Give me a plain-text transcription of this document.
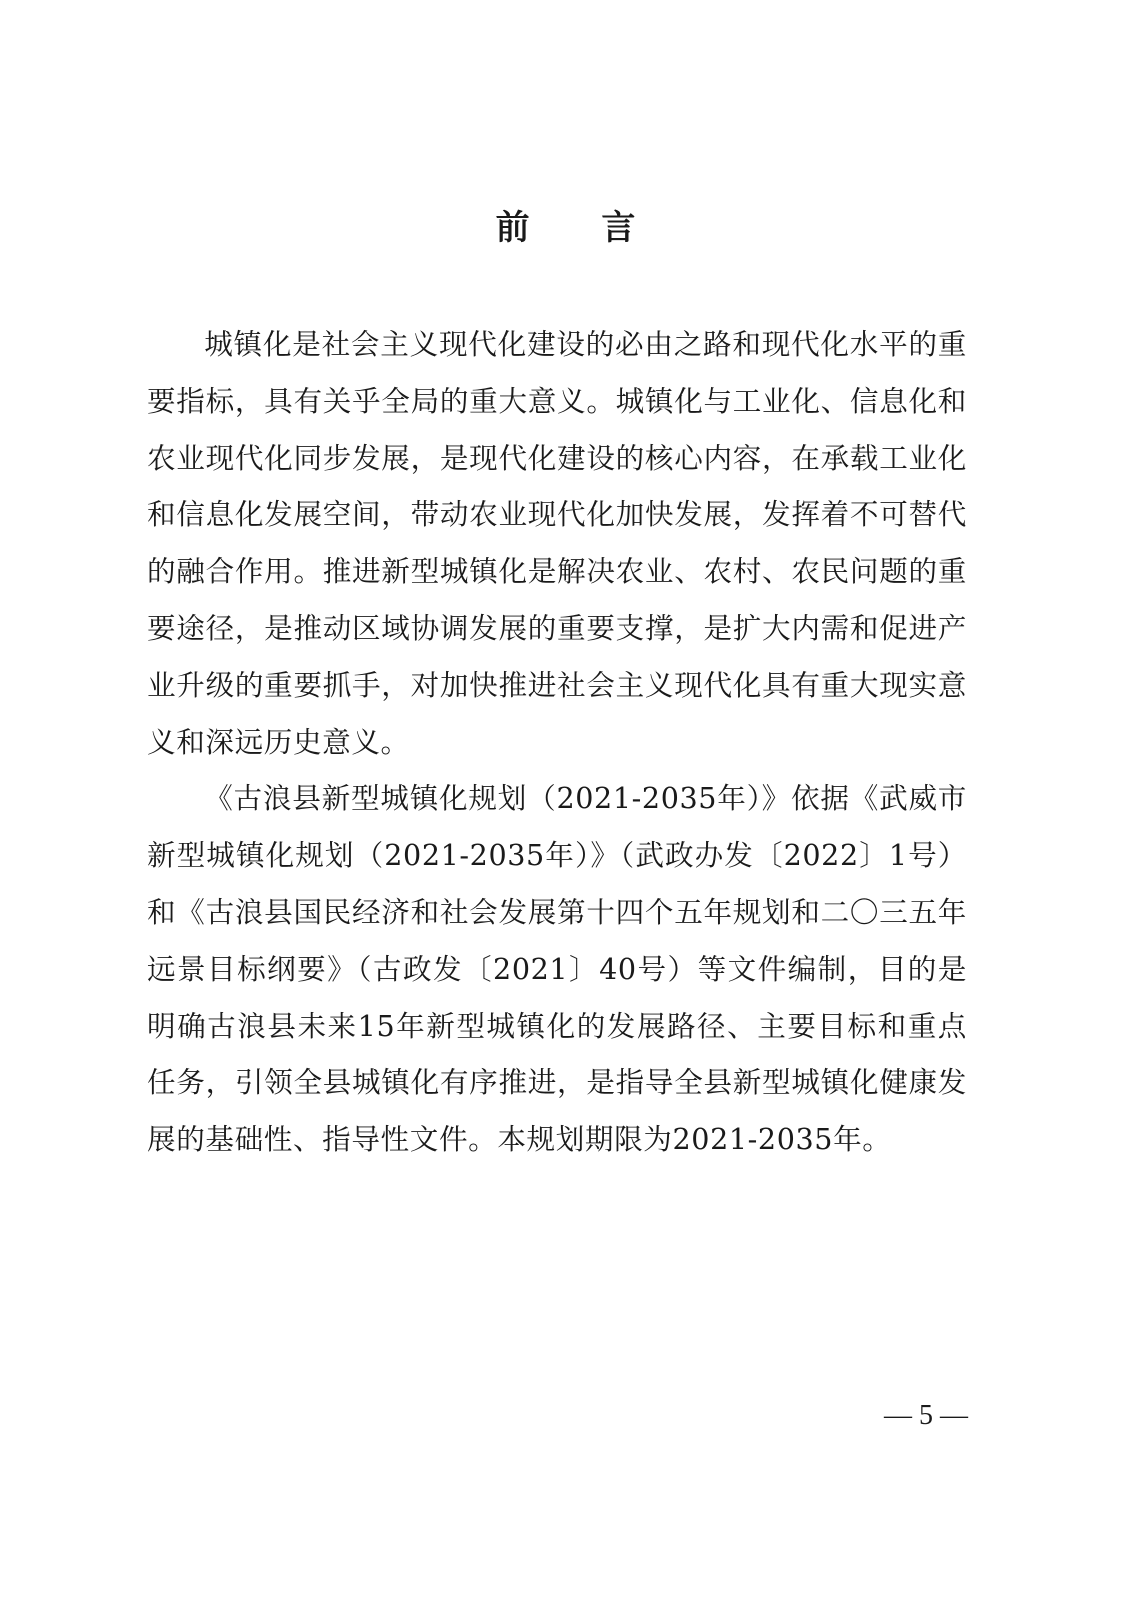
前 言

城镇化是社会主义现代化建设的必由之路和现代化水平的重要指标，具有关乎全局的重大意义。城镇化与工业化、信息化和农业现代化同步发展，是现代化建设的核心内容，在承载工业化和信息化发展空间，带动农业现代化加快发展，发挥着不可替代的融合作用。推进新型城镇化是解决农业、农村、农民问题的重要途径，是推动区域协调发展的重要支撑，是扩大内需和促进产业升级的重要抓手，对加快推进社会主义现代化具有重大现实意义和深远历史意义。

《古浪县新型城镇化规划（2021-2035年）》依据《武威市新型城镇化规划（2021-2035年）》（武政办发〔2022〕1号）和《古浪县国民经济和社会发展第十四个五年规划和二〇三五年远景目标纲要》（古政发〔2021〕40号）等文件编制，目的是明确古浪县未来15年新型城镇化的发展路径、主要目标和重点任务，引领全县城镇化有序推进，是指导全县新型城镇化健康发展的基础性、指导性文件。本规划期限为2021-2035年。

— 5 —
